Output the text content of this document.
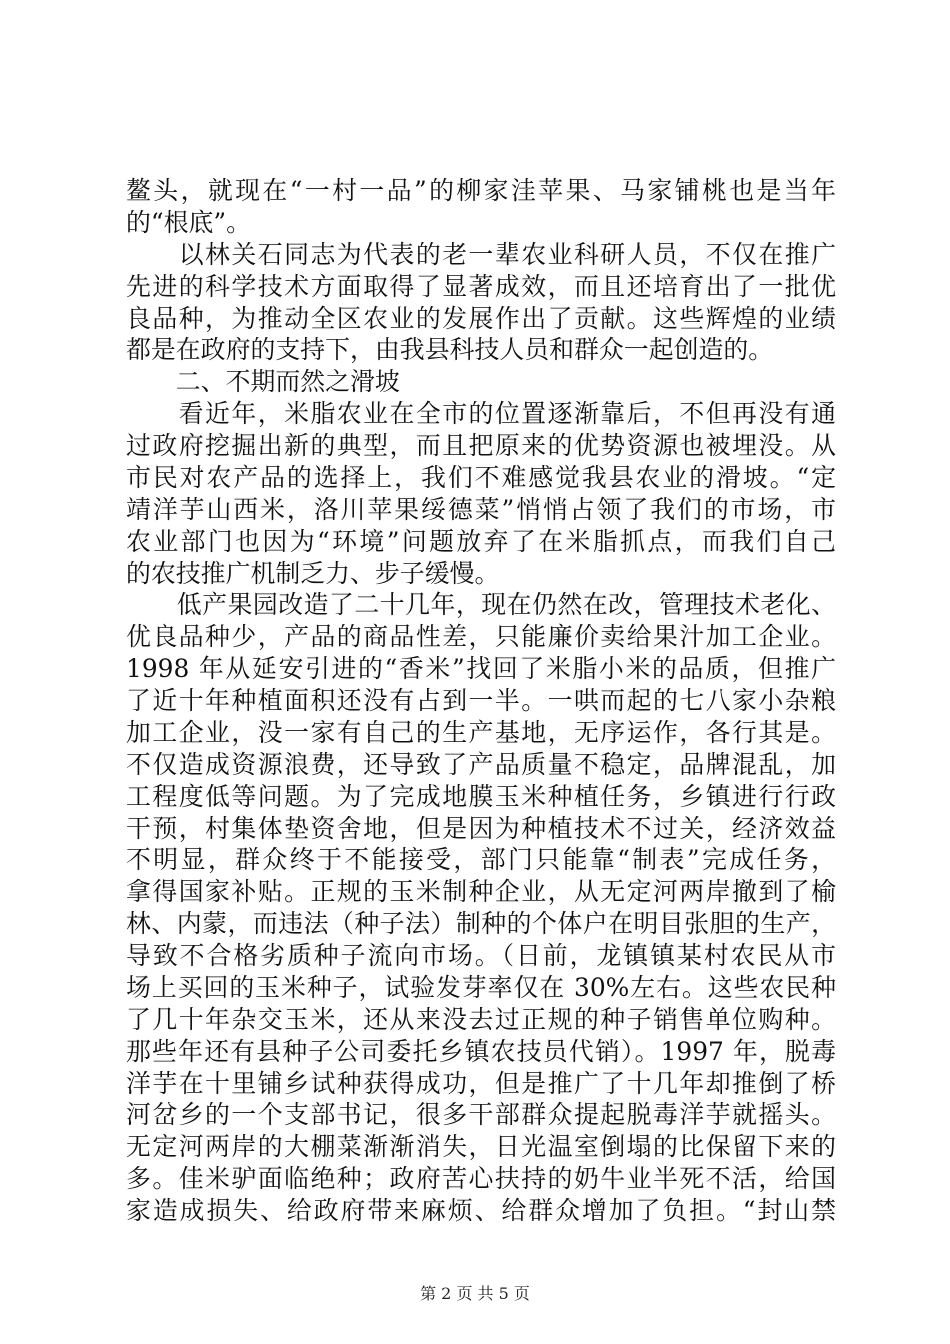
鳌头，就现在“一村一品”的柳家洼苹果、马家铺桃也是当年
的“根底”。
　　以林关石同志为代表的老一辈农业科研人员，不仅在推广
先进的科学技术方面取得了显著成效，而且还培育出了一批优
良品种，为推动全区农业的发展作出了贡献。这些辉煌的业绩
都是在政府的支持下，由我县科技人员和群众一起创造的。
　　二、不期而然之滑坡
　　看近年，米脂农业在全市的位置逐渐靠后，不但再没有通
过政府挖掘出新的典型，而且把原来的优势资源也被埋没。从
市民对农产品的选择上，我们不难感觉我县农业的滑坡。“定
靖洋芋山西米，洛川苹果绥德菜”悄悄占领了我们的市场，市
农业部门也因为“环境”问题放弃了在米脂抓点，而我们自己
的农技推广机制乏力、步子缓慢。
　　低产果园改造了二十几年，现在仍然在改，管理技术老化、
优良品种少，产品的商品性差，只能廉价卖给果汁加工企业。
1998 年从延安引进的“香米”找回了米脂小米的品质，但推广
了近十年种植面积还没有占到一半。一哄而起的七八家小杂粮
加工企业，没一家有自己的生产基地，无序运作，各行其是。
不仅造成资源浪费，还导致了产品质量不稳定，品牌混乱，加
工程度低等问题。为了完成地膜玉米种植任务，乡镇进行行政
干预，村集体垫资舍地，但是因为种植技术不过关，经济效益
不明显，群众终于不能接受，部门只能靠“制表”完成任务，
拿得国家补贴。正规的玉米制种企业，从无定河两岸撤到了榆
林、内蒙，而违法（种子法）制种的个体户在明目张胆的生产，
导致不合格劣质种子流向市场。（日前，龙镇镇某村农民从市
场上买回的玉米种子，试验发芽率仅在 30%左右。这些农民种
了几十年杂交玉米，还从来没去过正规的种子销售单位购种。
那些年还有县种子公司委托乡镇农技员代销）。1997 年，脱毒
洋芋在十里铺乡试种获得成功，但是推广了十几年却推倒了桥
河岔乡的一个支部书记，很多干部群众提起脱毒洋芋就摇头。
无定河两岸的大棚菜渐渐消失，日光温室倒塌的比保留下来的
多。佳米驴面临绝种；政府苦心扶持的奶牛业半死不活，给国
家造成损失、给政府带来麻烦、给群众增加了负担。“封山禁
第 2 页 共 5 页
